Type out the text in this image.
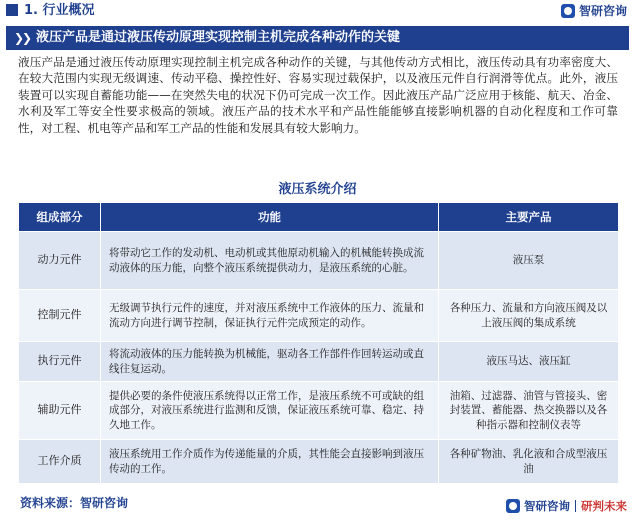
1. 行业概况	智研咨询
❯❯ 液压产品是通过液压传动原理实现控制主机完成各种动作的关键
液压产品是通过液压传动原理实现控制主机完成各种动作的关键，与其他传动方式相比，液压传动具有功率密度大、在较大范围内实现无级调速、传动平稳、操控性好、容易实现过载保护，以及液压元件自行润滑等优点。此外，液压装置可以实现自蓄能功能——在突然失电的状况下仍可完成一次工作。因此液压产品广泛应用于核能、航天、冶金、水利及军工等安全性要求极高的领域。液压产品的技术水平和产品性能能够直接影响机器的自动化程度和工作可靠性，对工程、机电等产品和军工产品的性能和发展具有较大影响力。
液压系统介绍
组成部分	功能	主要产品
动力元件	将带动它工作的发动机、电动机或其他原动机输入的机械能转换成流动液体的压力能，向整个液压系统提供动力，是液压系统的心脏。	液压泵
控制元件	无级调节执行元件的速度，并对液压系统中工作液体的压力、流量和流动方向进行调节控制，保证执行元件完成预定的动作。	各种压力、流量和方向液压阀及以上液压阀的集成系统
执行元件	将流动液体的压力能转换为机械能，驱动各工作部件作回转运动或直线往复运动。	液压马达、液压缸
辅助元件	提供必要的条件使液压系统得以正常工作，是液压系统不可或缺的组成部分，对液压系统进行监测和反馈，保证液压系统可靠、稳定、持久地工作。	油箱、过滤器、油管与管接头、密封装置、蓄能器、热交换器以及各种指示器和控制仪表等
工作介质	液压系统用工作介质作为传递能量的介质，其性能会直接影响到液压传动的工作。	各种矿物油、乳化液和合成型液压油
资料来源：智研咨询	智研咨询 研判未来
